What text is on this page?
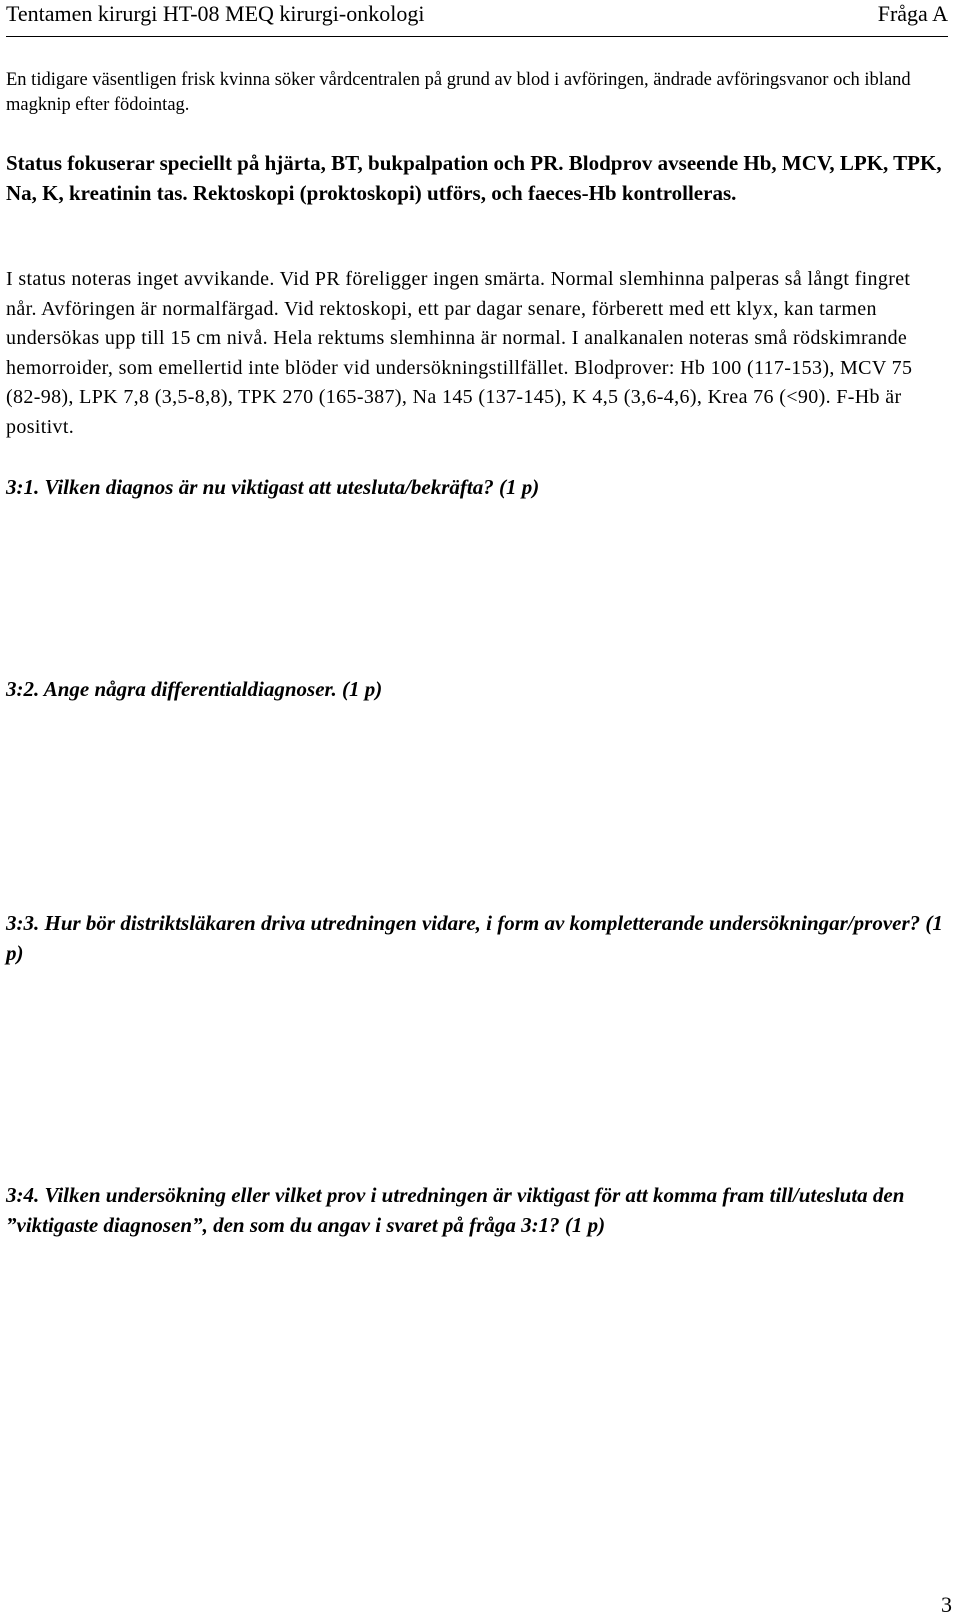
Tentamen kirurgi HT-08 MEQ kirurgi-onkologi	Fråga A
En tidigare väsentligen frisk kvinna söker vårdcentralen på grund av blod i avföringen, ändrade avföringsvanor och ibland magknip efter födointag.
Status fokuserar speciellt på hjärta, BT, bukpalpation och PR. Blodprov avseende Hb, MCV, LPK, TPK, Na, K, kreatinin tas. Rektoskopi (proktoskopi) utförs, och faeces-Hb kontrolleras.
I status noteras inget avvikande. Vid PR föreligger ingen smärta. Normal slemhinna palperas så långt fingret når. Avföringen är normalfärgad. Vid rektoskopi, ett par dagar senare, förberett med ett klyx, kan tarmen undersökas upp till 15 cm nivå. Hela rektums slemhinna är normal. I analkanalen noteras små rödskimrande hemorroider, som emellertid inte blöder vid undersökningstillfället. Blodprover: Hb 100 (117-153), MCV 75 (82-98), LPK 7,8 (3,5-8,8), TPK 270 (165-387), Na 145 (137-145), K 4,5 (3,6-4,6), Krea 76 (<90). F-Hb är positivt.
3:1. Vilken diagnos är nu viktigast att utesluta/bekräfta? (1 p)
3:2. Ange några differentialdiagnoser. (1 p)
3:3. Hur bör distriktsläkaren driva utredningen vidare, i form av kompletterande undersökningar/prover? (1 p)
3:4. Vilken undersökning eller vilket prov i utredningen är viktigast för att komma fram till/utesluta den ”viktigaste diagnosen”, den som du angav i svaret på fråga 3:1? (1 p)
3
